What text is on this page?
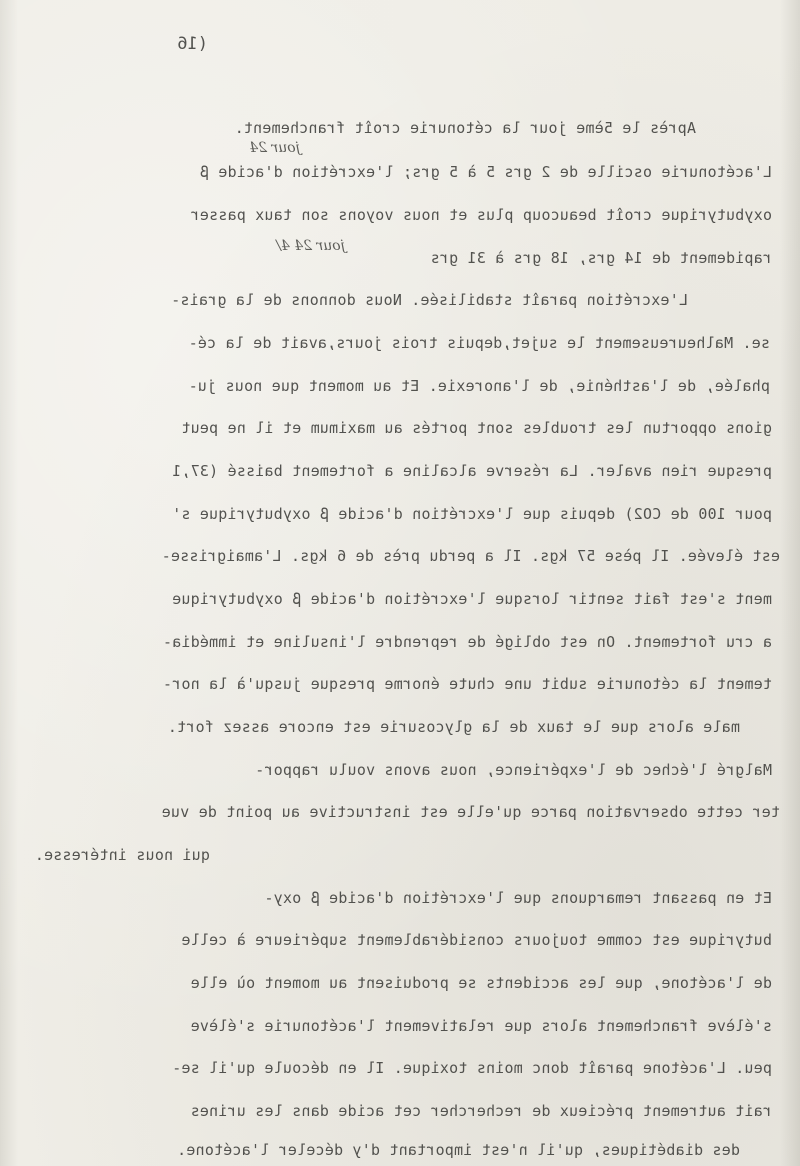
(16
Après le 5ème jour la cétonurie croît franchement.
L'acétonurie oscille de 2 grs 5 à 5 grs; l'excrétion d'acide β
oxybutyrique croît beaucoup plus et nous voyons son taux passer
rapidement de 14 grs, 18 grs à 31 grs
L'excrétion paraît stabilisée. Nous donnons de la grais-
se. Malheureusement le sujet,depuis trois jours,avait de la cé-
phalée, de l'asthénie, de l'anorexie. Et au moment que nous ju-
gions opportun les troubles sont portés au maximum et il ne peut
presque rien avaler. La réserve alcaline a fortement baissé (37,1
pour 100 de CO2) depuis que l'excrétion d'acide β oxybutyrique s'
est élevée. Il pèse 57 kgs. Il a perdu près de 6 kgs. L'amaigrisse-
ment s'est fait sentir lorsque l'excrétion d'acide β oxybutyrique
a cru fortement. On est obligé de reprendre l'insuline et immédia-
tement la cétonurie subit une chute énorme presque jusqu'à la nor-
male alors que le taux de la glycosurie est encore assez fort.
Malgré l'échec de l'expérience, nous avons voulu rappor-
ter cette observation parce qu'elle est instructive au point de vue
qui nous intéresse.
Et en passant remarquons que l'excrétion d'acide β oxy-
butyrique est comme toujours considérablement supérieure à celle
de l'acétone, que les accidents se produisent au moment où elle
s'élève franchement alors que relativement l'acétonurie s'élève
peu. L'acétone paraît donc moins toxique. Il en découle qu'il se-
rait autrement précieux de rechercher cet acide dans les urines
des diabétiques, qu'il n'est important d'y déceler l'acétone.
jour 24
jour 24 4/
